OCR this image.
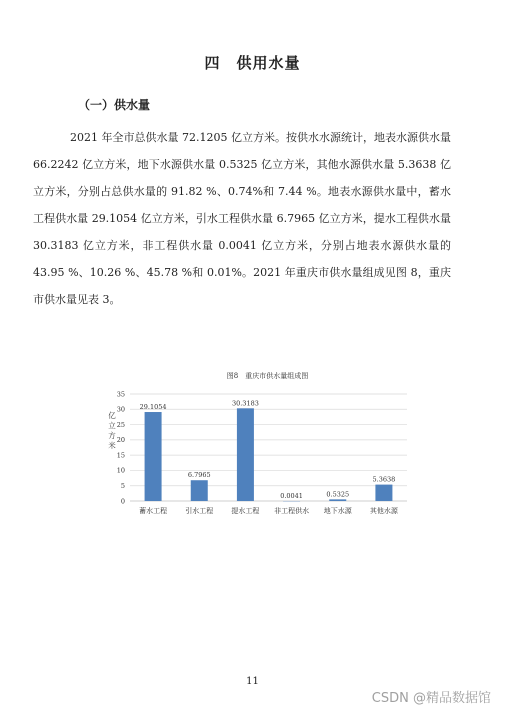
四　供用水量
（一）供水量

2021 年全市总供水量 72.1205 亿立方米。按供水水源统计，地表水源供水量 66.2242 亿立方米，地下水源供水量 0.5325 亿立方米，其他水源供水量 5.3638 亿立方米，分别占总供水量的 91.82 %、0.74%和 7.44 %。地表水源供水量中，蓄水工程供水量 29.1054 亿立方米，引水工程供水量 6.7965 亿立方米，提水工程供水量 30.3183 亿立方米，非工程供水量 0.0041 亿立方米，分别占地表水源供水量的 43.95 %、10.26 %、45.78 %和 0.01%。2021 年重庆市供水量组成见图 8，重庆市供水量见表 3。

图8　重庆市供水量组成图
0
5
10
15
20
25
30
35
亿
立
方
米
29.1054
蓄水工程
6.7965
引水工程
30.3183
提水工程
0.0041
非工程供水
0.5325
地下水源
5.3638
其他水源
11
CSDN @精品数据馆
